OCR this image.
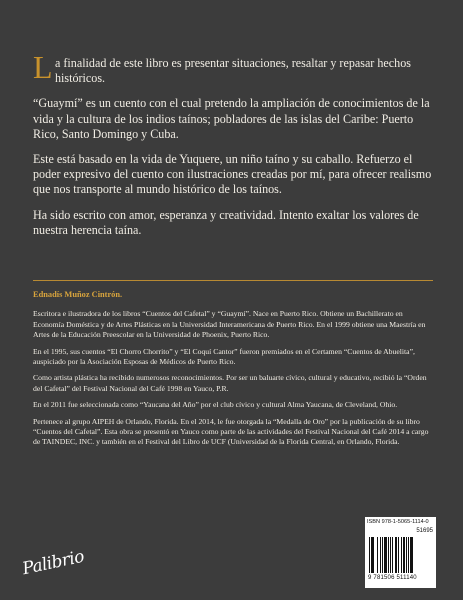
L a finalidad de este libro es presentar situaciones, resaltar y repasar hechos históricos.

“Guaymí” es un cuento con el cual pretendo la ampliación de conocimientos de la vida y la cultura de los indios taínos; pobladores de las islas del Caribe: Puerto Rico, Santo Domingo y Cuba.

Este está basado en la vida de Yuquere, un niño taíno y su caballo. Refuerzo el poder expresivo del cuento con ilustraciones creadas por mí, para ofrecer realismo que nos transporte al mundo histórico de los taínos.

Ha sido escrito con amor, esperanza y creatividad. Intento exaltar los valores de nuestra herencia taína.

Ednadís Muñoz Cintrón.

Escritora e ilustradora de los libros “Cuentos del Cafetal” y “Guaymí”. Nace en Puerto Rico. Obtiene un Bachillerato en Economía Doméstica y de Artes Plásticas en la Universidad Interamericana de Puerto Rico. En el 1999 obtiene una Maestría en Artes de la Educación Preescolar en la Universidad de Phoenix, Puerto Rico.

En el 1995, sus cuentos “El Chorro Chorrito” y “El Coquí Cantor” fueron premiados en el Certamen “Cuentos de Abuelita”, auspiciado por la Asociación Esposas de Médicos de Puerto Rico.

Como artista plástica ha recibido numerosos reconocimientos. Por ser un baluarte cívico, cultural y educativo, recibió la “Orden del Cafetal” del Festival Nacional del Café 1998 en Yauco, P.R.

En el 2011 fue seleccionada como “Yaucana del Año” por el club cívico y cultural Alma Yaucana, de Cleveland, Ohio.

Pertenece al grupo AIPEH de Orlando, Florida. En el 2014, le fue otorgada la “Medalla de Oro” por la publicación de su libro “Cuentos del Cafetal”. Esta obra se presentó en Yauco como parte de las actividades del Festival Nacional del Café 2014 a cargo de TAINDEC, INC. y también en el Festival del Libro de UCF (Universidad de la Florida Central, en Orlando, Florida.

Palibrio
ISBN 978-1-5065-1114-0
51695
9 781506 511140
